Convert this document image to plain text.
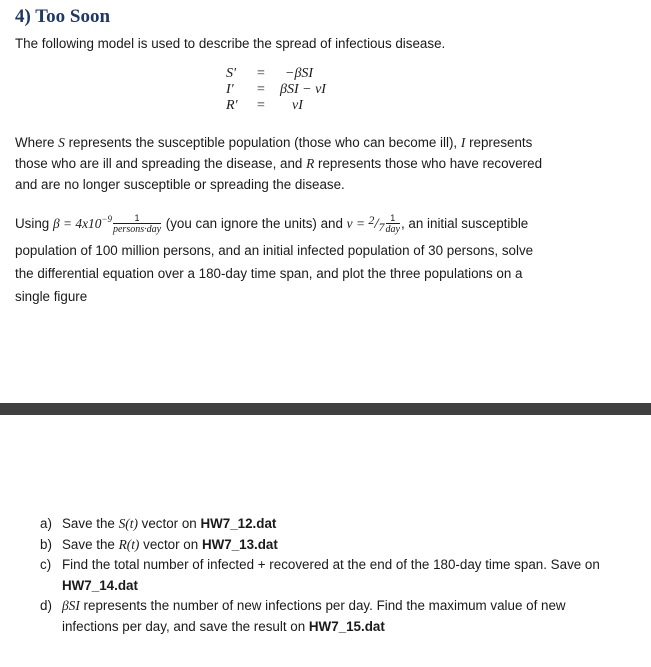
4) Too Soon

The following model is used to describe the spread of infectious disease.

S'	= −βSI
I'	= βSI − νI
R'	= νI

Where S represents the susceptible population (those who can become ill), I represents those who are ill and spreading the disease, and R represents those who have recovered and are no longer susceptible or spreading the disease.

Using $\beta = 4x10^{-9} \frac{1}{\text{persons·day}} (you$ can ignore the units) and $\nu = 2/7 \frac{1}{\text{day}}$ , an initial susceptible population of 100 million persons, and an initial infected population of 30 persons, solve the differential equation over a 180-day time span, and plot the three populations on a single figure

a) Save the S(t) vector on HW7_12.dat
b) Save the R(t) vector on HW7_13.dat
c) Find the total number of infected + recovered at the end of the 180-day time span. Save on HW7_14.dat
d) βSI represents the number of new infections per day. Find the maximum value of new infections per day, and save the result on HW7_15.dat
